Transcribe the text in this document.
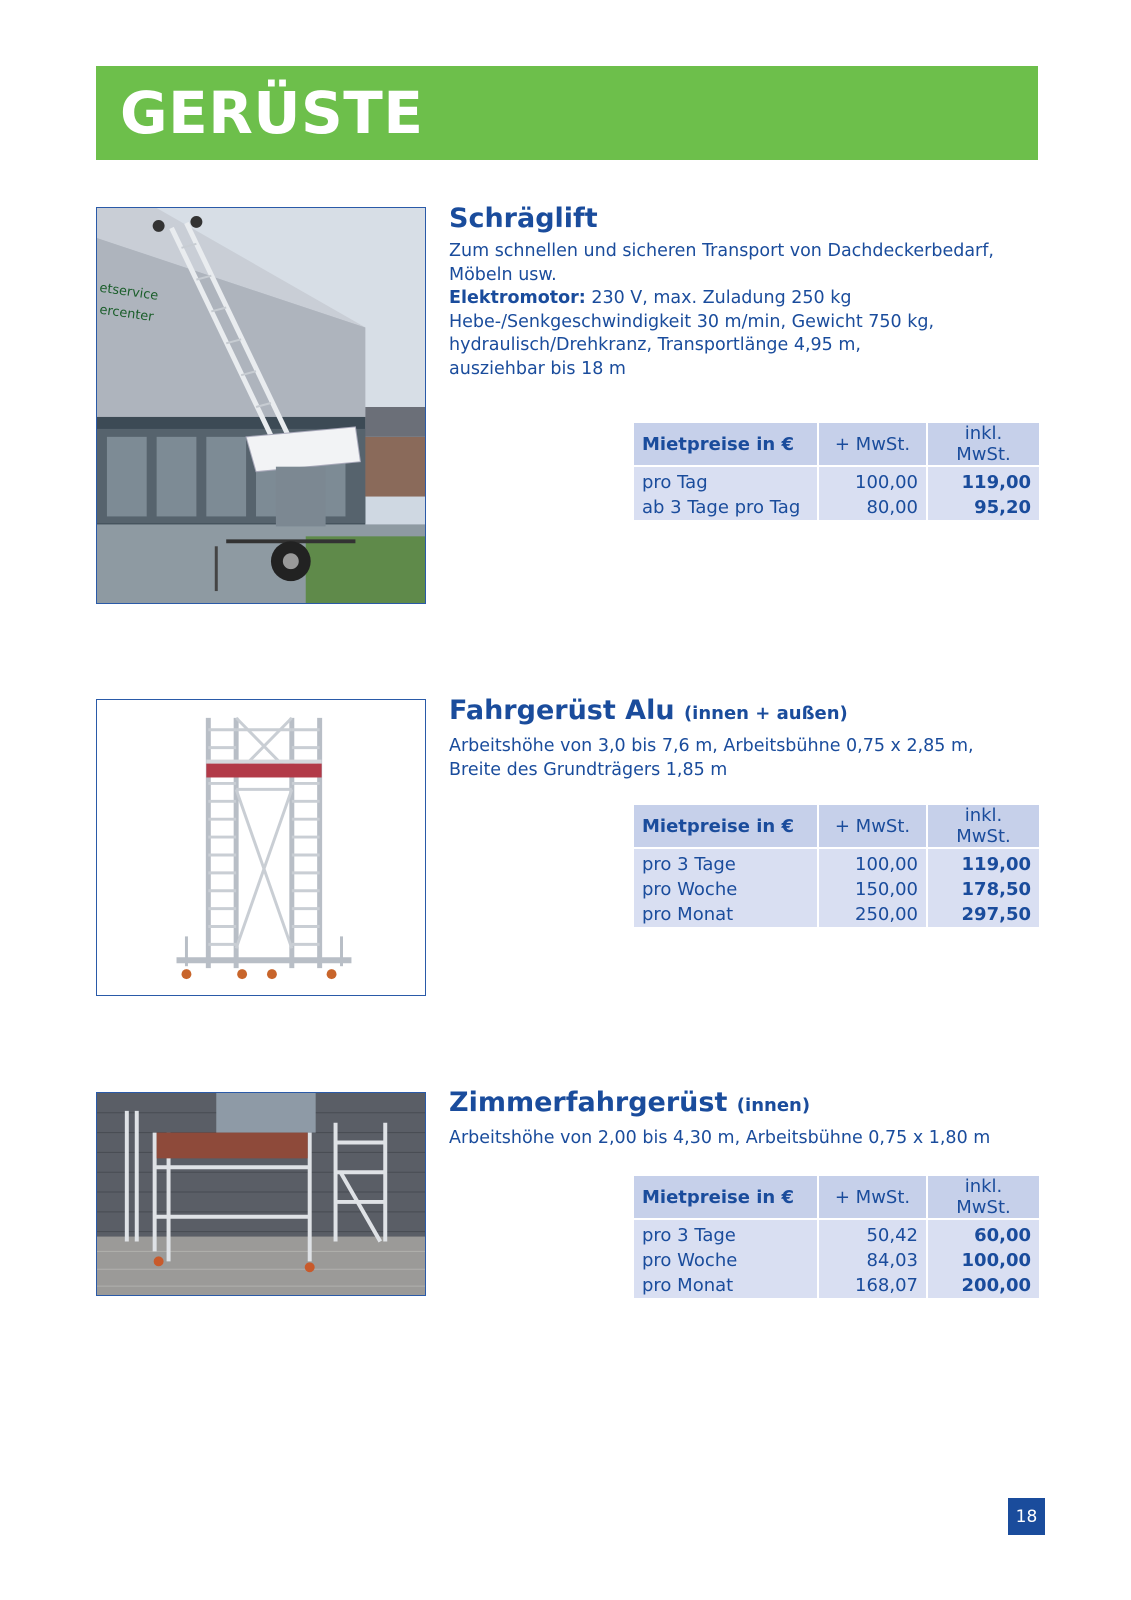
GERÜSTE
etservice
ercenter
Schräglift
Zum schnellen und sicheren Transport von Dachdeckerbedarf,
Möbeln usw.
Elektromotor: 230 V, max. Zuladung 250 kg
Hebe-/Senkgeschwindigkeit 30 m/min, Gewicht 750 kg,
hydraulisch/Drehkranz, Transportlänge 4,95 m,
ausziehbar bis 18 m
Mietpreise in €	+ MwSt.	inkl. MwSt.
pro Tag	100,00	119,00
ab 3 Tage pro Tag	80,00	95,20
Fahrgerüst Alu (innen + außen)
Arbeitshöhe von 3,0 bis 7,6 m, Arbeitsbühne 0,75 x 2,85 m,
Breite des Grundträgers 1,85 m
Mietpreise in €	+ MwSt.	inkl. MwSt.
pro 3 Tage	100,00	119,00
pro Woche	150,00	178,50
pro Monat	250,00	297,50
Zimmerfahrgerüst (innen)
Arbeitshöhe von 2,00 bis 4,30 m, Arbeitsbühne 0,75 x 1,80 m
Mietpreise in €	+ MwSt.	inkl. MwSt.
pro 3 Tage	50,42	60,00
pro Woche	84,03	100,00
pro Monat	168,07	200,00
18
